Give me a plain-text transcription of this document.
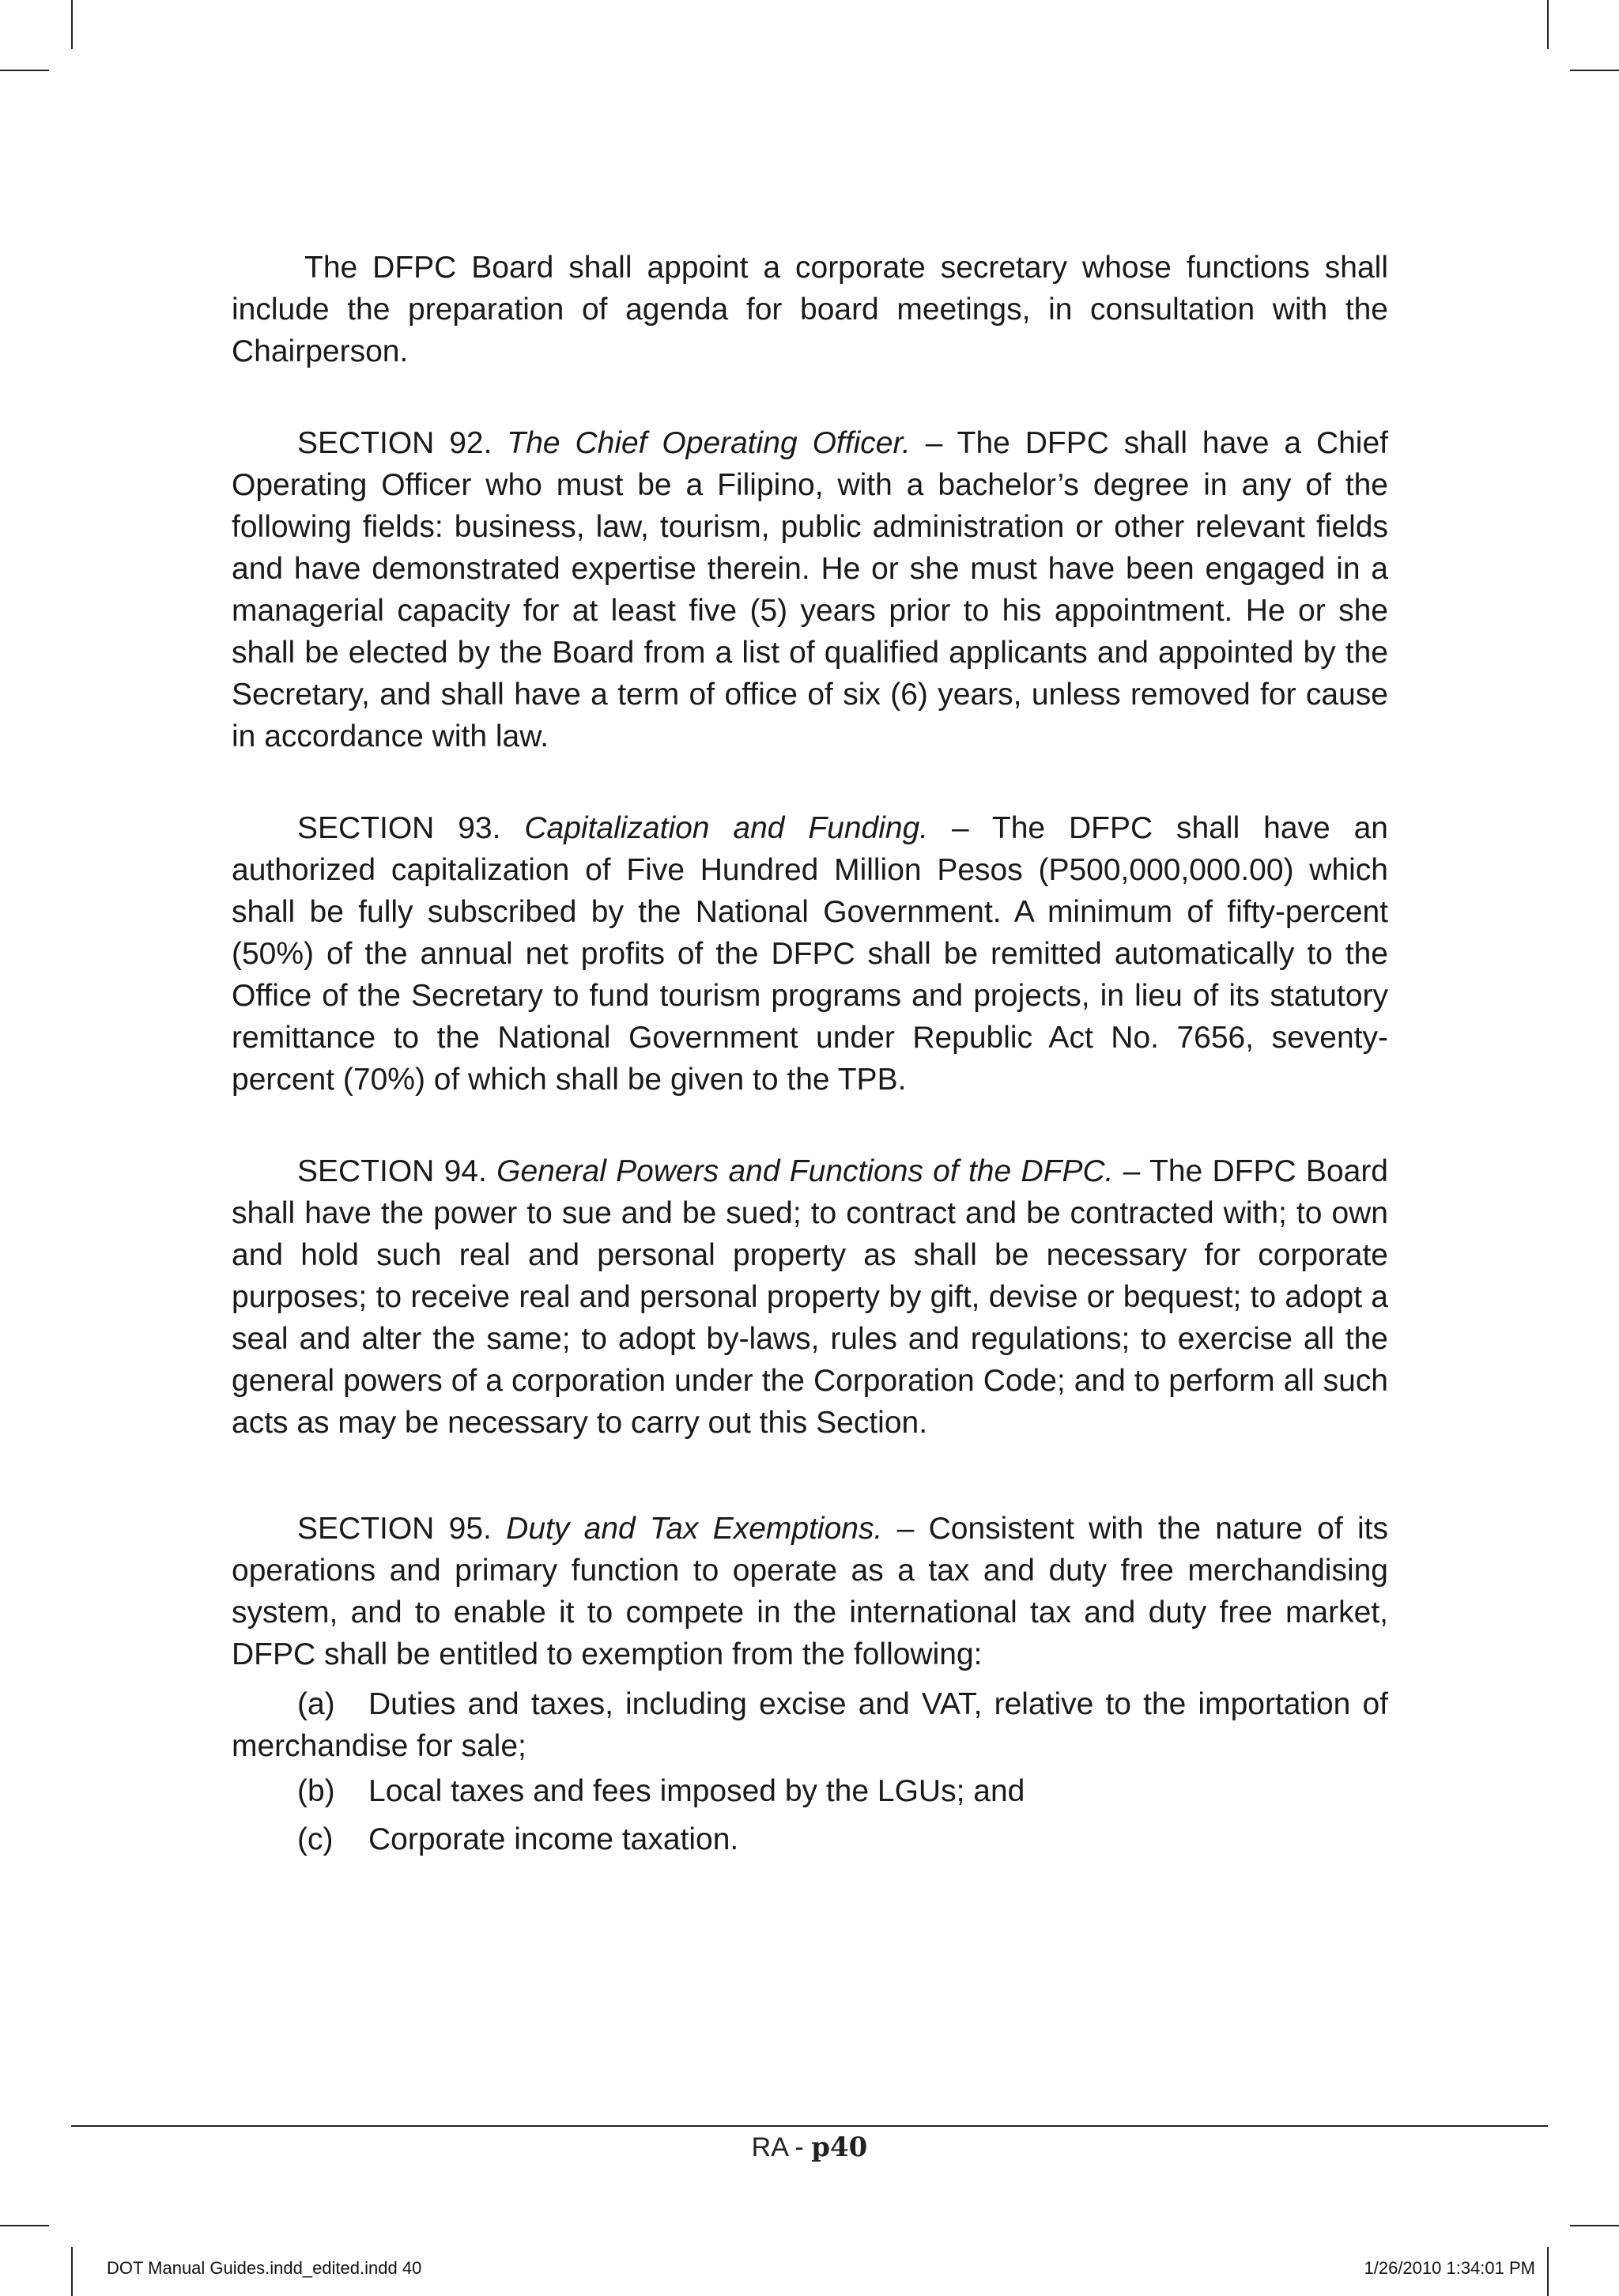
The DFPC Board shall appoint a corporate secretary whose functions shall include the preparation of agenda for board meetings, in consultation with the Chairperson.

SECTION 92. The Chief Operating Officer. – The DFPC shall have a Chief Operating Officer who must be a Filipino, with a bachelor’s degree in any of the following fields: business, law, tourism, public administration or other relevant fields and have demonstrated expertise therein. He or she must have been engaged in a managerial capacity for at least five (5) years prior to his appointment. He or she shall be elected by the Board from a list of qualified applicants and appointed by the Secretary, and shall have a term of office of six (6) years, unless removed for cause in accordance with law.

SECTION 93. Capitalization and Funding. – The DFPC shall have an authorized capitalization of Five Hundred Million Pesos (P500,000,000.00) which shall be fully subscribed by the National Government. A minimum of fifty-percent (50%) of the annual net profits of the DFPC shall be remitted automatically to the Office of the Secretary to fund tourism programs and projects, in lieu of its statutory remittance to the National Government under Republic Act No. 7656, seventy-percent (70%) of which shall be given to the TPB.

SECTION 94. General Powers and Functions of the DFPC. – The DFPC Board shall have the power to sue and be sued; to contract and be contracted with; to own and hold such real and personal property as shall be necessary for corporate purposes; to receive real and personal property by gift, devise or bequest; to adopt a seal and alter the same; to adopt by-laws, rules and regulations; to exercise all the general powers of a corporation under the Corporation Code; and to perform all such acts as may be necessary to carry out this Section.

SECTION 95. Duty and Tax Exemptions. – Consistent with the nature of its operations and primary function to operate as a tax and duty free merchandising system, and to enable it to compete in the international tax and duty free market, DFPC shall be entitled to exemption from the following:

(a) Duties and taxes, including excise and VAT, relative to the importation of merchandise for sale;

(b) Local taxes and fees imposed by the LGUs; and

(c) Corporate income taxation.

RA - p40
DOT Manual Guides.indd_edited.indd 40	1/26/2010 1:34:01 PM
